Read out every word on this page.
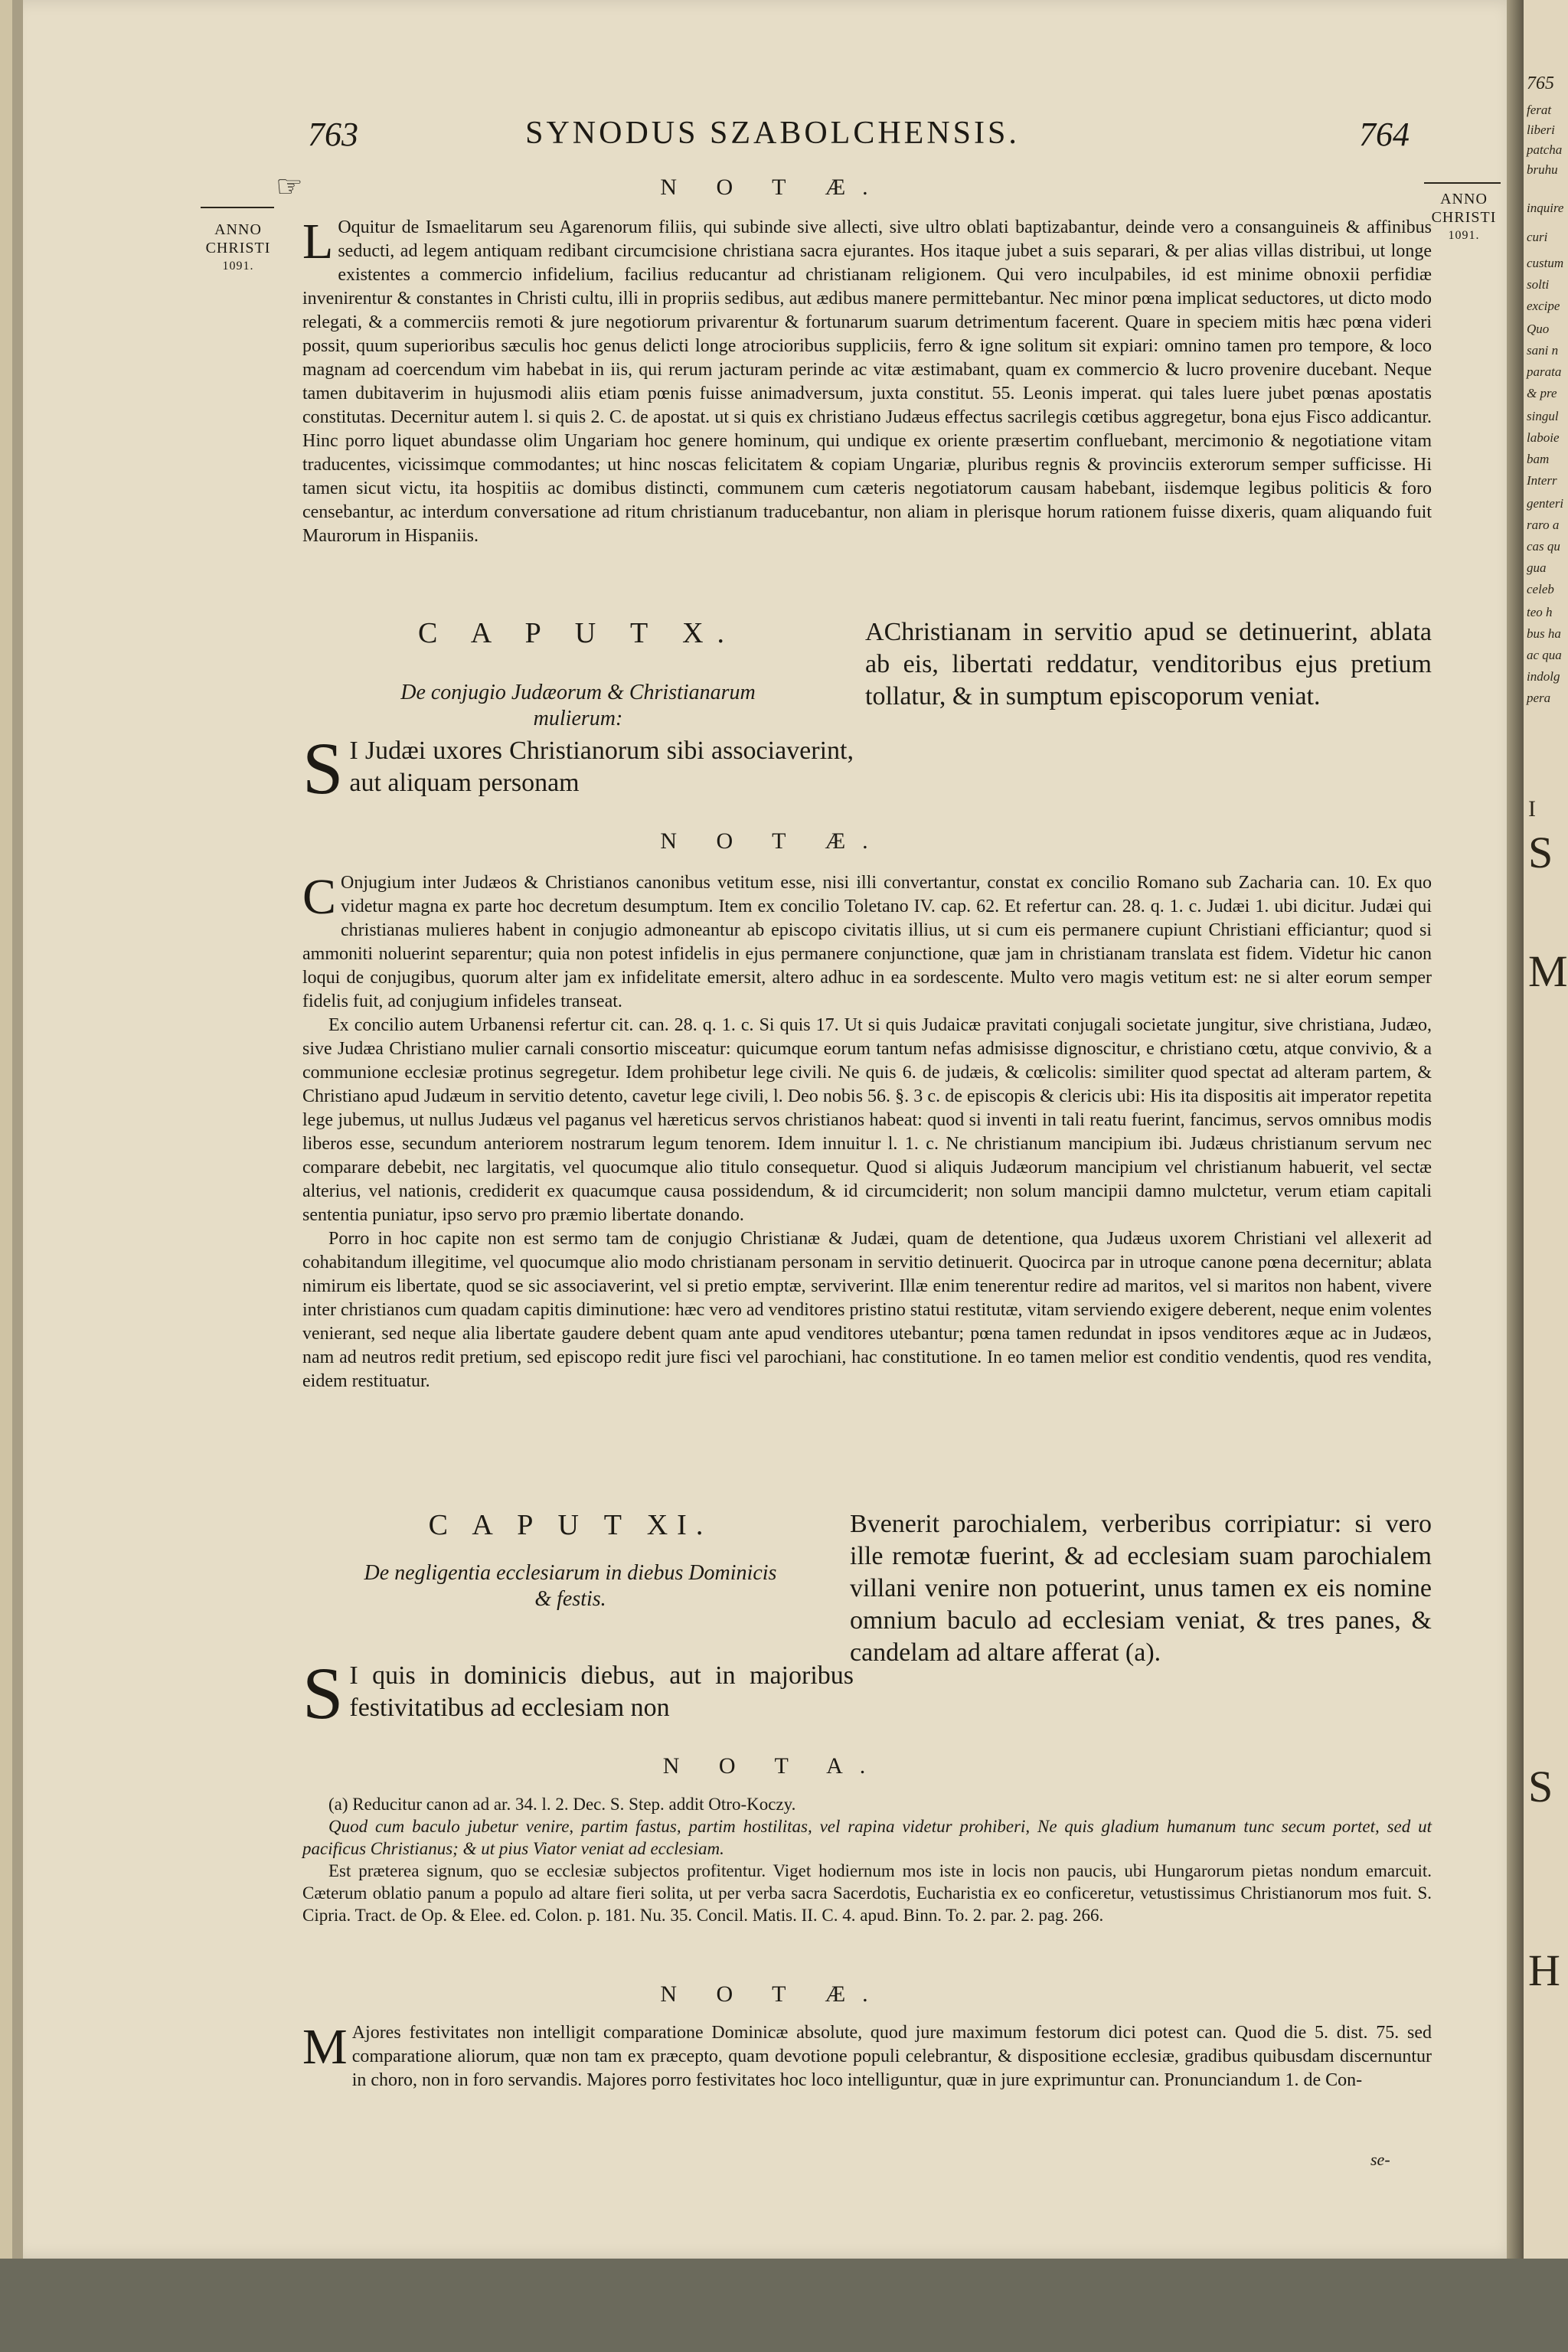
☞
763	SYNODUS SZABOLCHENSIS.	764
ANNO
CHRISTI
1091.
ANNO
CHRISTI
1091.
N O T Æ.
L Oquitur de Ismaelitarum seu Agarenorum filiis, qui subinde sive allecti, sive ultro oblati baptizabantur, deinde vero a consanguineis & affinibus seducti, ad legem antiquam redibant circumcisione christiana sacra ejurantes. Hos itaque jubet a suis separari, & per alias villas distribui, ut longe existentes a commercio infidelium, facilius reducantur ad christianam religionem. Qui vero inculpabiles, id est minime obnoxii perfidiæ invenirentur & constantes in Christi cultu, illi in propriis sedibus, aut ædibus manere permittebantur. Nec minor pœna implicat seductores, ut dicto modo relegati, & a commerciis remoti & jure negotiorum privarentur & fortunarum suarum detrimentum facerent. Quare in speciem mitis hæc pœna videri possit, quum superioribus sæculis hoc genus delicti longe atrocioribus suppliciis, ferro & igne solitum sit expiari: omnino tamen pro tempore, & loco magnam ad coercendum vim habebat in iis, qui rerum jacturam perinde ac vitæ æstimabant, quam ex commercio & lucro provenire ducebant. Neque tamen dubitaverim in hujusmodi aliis etiam pœnis fuisse animadversum, juxta constitut. 55. Leonis imperat. qui tales luere jubet pœnas apostatis constitutas. Decernitur autem l. si quis 2. C. de apostat. ut si quis ex christiano Judæus effectus sacrilegis cœtibus aggregetur, bona ejus Fisco addicantur. Hinc porro liquet abundasse olim Ungariam hoc genere hominum, qui undique ex oriente præsertim confluebant, mercimonio & negotiatione vitam traducentes, vicissimque commodantes; ut hinc noscas felicitatem & copiam Ungariæ, pluribus regnis & provinciis exterorum semper sufficisse. Hi tamen sicut victu, ita hospitiis ac domibus distincti, communem cum cæteris negotiatorum causam habebant, iisdemque legibus politicis & foro censebantur, ac interdum conversatione ad ritum christianum traducebantur, non aliam in plerisque horum rationem fuisse dixeris, quam aliquando fuit Maurorum in Hispaniis.
C A P U T X.
De conjugio Judæorum & Christianarum
mulierum:
S I Judæi uxores Christianorum sibi associaverint, aut aliquam personam
AChristianam in servitio apud se detinuerint, ablata ab eis, libertati reddatur, venditoribus ejus pretium tollatur, & in sumptum episcoporum veniat.
N O T Æ.

C Onjugium inter Judæos & Christianos canonibus vetitum esse, nisi illi convertantur, constat ex concilio Romano sub Zacharia can. 10. Ex quo videtur magna ex parte hoc decretum desumptum. Item ex concilio Toletano IV. cap. 62. Et refertur can. 28. q. 1. c. Judæi 1. ubi dicitur. Judæi qui christianas mulieres habent in conjugio admoneantur ab episcopo civitatis illius, ut si cum eis permanere cupiunt Christiani efficiantur; quod si ammoniti noluerint separentur; quia non potest infidelis in ejus permanere conjunctione, quæ jam in christianam translata est fidem. Videtur hic canon loqui de conjugibus, quorum alter jam ex infidelitate emersit, altero adhuc in ea sordescente. Multo vero magis vetitum est: ne si alter eorum semper fidelis fuit, ad conjugium infideles transeat.

Ex concilio autem Urbanensi refertur cit. can. 28. q. 1. c. Si quis 17. Ut si quis Judaicæ pravitati conjugali societate jungitur, sive christiana, Judæo, sive Judæa Christiano mulier carnali consortio misceatur: quicumque eorum tantum nefas admisisse dignoscitur, e christiano cœtu, atque convivio, & a communione ecclesiæ protinus segregetur. Idem prohibetur lege civili. Ne quis 6. de judæis, & cœlicolis: similiter quod spectat ad alteram partem, & Christiano apud Judæum in servitio detento, cavetur lege civili, l. Deo nobis 56. §. 3 c. de episcopis & clericis ubi: His ita dispositis ait imperator repetita lege jubemus, ut nullus Judæus vel paganus vel hæreticus servos christianos habeat: quod si inventi in tali reatu fuerint, fancimus, servos omnibus modis liberos esse, secundum anteriorem nostrarum legum tenorem. Idem innuitur l. 1. c. Ne christianum mancipium ibi. Judæus christianum servum nec comparare debebit, nec largitatis, vel quocumque alio titulo consequetur. Quod si aliquis Judæorum mancipium vel christianum habuerit, vel sectæ alterius, vel nationis, crediderit ex quacumque causa possidendum, & id circumciderit; non solum mancipii damno mulctetur, verum etiam capitali sententia puniatur, ipso servo pro præmio libertate donando.

Porro in hoc capite non est sermo tam de conjugio Christianæ & Judæi, quam de detentione, qua Judæus uxorem Christiani vel allexerit ad cohabitandum illegitime, vel quocumque alio modo christianam personam in servitio detinuerit. Quocirca par in utroque canone pœna decernitur; ablata nimirum eis libertate, quod se sic associaverint, vel si pretio emptæ, serviverint. Illæ enim tenerentur redire ad maritos, vel si maritos non habent, vivere inter christianos cum quadam capitis diminutione: hæc vero ad venditores pristino statui restitutæ, vitam serviendo exigere deberent, neque enim volentes venierant, sed neque alia libertate gaudere debent quam ante apud venditores utebantur; pœna tamen redundat in ipsos venditores æque ac in Judæos, nam ad neutros redit pretium, sed episcopo redit jure fisci vel parochiani, hac constitutione. In eo tamen melior est conditio vendentis, quod res vendita, eidem restituatur.

C A P U T XI.
De negligentia ecclesiarum in diebus Dominicis
& festis.
S I quis in dominicis diebus, aut in majoribus festivitatibus ad ecclesiam non
Bvenerit parochialem, verberibus corripiatur: si vero ille remotæ fuerint, & ad ecclesiam suam parochialem villani venire non potuerint, unus tamen ex eis nomine omnium baculo ad ecclesiam veniat, & tres panes, & candelam ad altare afferat (a).
N O T A.

(a) Reducitur canon ad ar. 34. l. 2. Dec. S. Step. addit Otro-Koczy.

Quod cum baculo jubetur venire, partim fastus, partim hostilitas, vel rapina videtur prohiberi, Ne quis gladium humanum tunc secum portet, sed ut pacificus Christianus; & ut pius Viator veniat ad ecclesiam.

Est præterea signum, quo se ecclesiæ subjectos profitentur. Viget hodiernum mos iste in locis non paucis, ubi Hungarorum pietas nondum emarcuit. Cæterum oblatio panum a populo ad altare fieri solita, ut per verba sacra Sacerdotis, Eucharistia ex eo conficeretur, vetustissimus Christianorum mos fuit. S. Cipria. Tract. de Op. & Elee. ed. Colon. p. 181. Nu. 35. Concil. Matis. II. C. 4. apud. Binn. To. 2. par. 2. pag. 266.

N O T Æ.
M Ajores festivitates non intelligit comparatione Dominicæ absolute, quod jure maximum festorum dici potest can. Quod die 5. dist. 75. sed comparatione aliorum, quæ non tam ex præcepto, quam devotione populi celebrantur, & dispositione ecclesiæ, gradibus quibusdam discernuntur in choro, non in foro servandis. Majores porro festivitates hoc loco intelliguntur, quæ in jure exprimuntur can. Pronunciandum 1. de Con-
se-
765
ferat
liberi
patcha
bruhu
inquire
curi
custum
solti
excipe
Quo
sani n
parata
& pre
singul
laboie
bam
Interr
genteri
raro a
cas qu
gua
celeb
teo h
bus ha
ac qua
indolg
pera
I
S
M
S
H
